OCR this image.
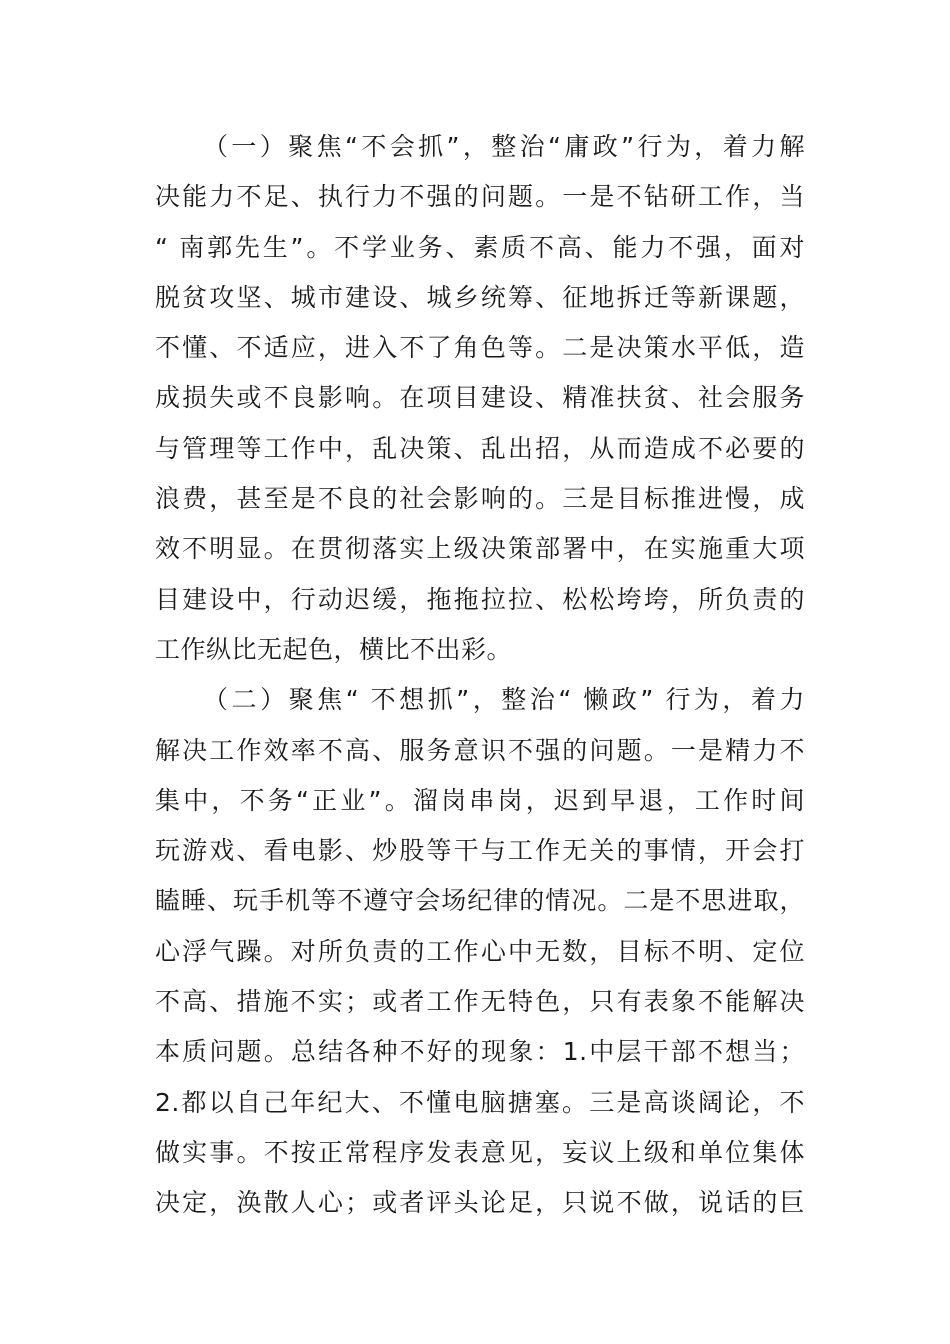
（一）聚焦“不会抓”，整治“庸政”行为，着力解
决能力不足、执行力不强的问题。一是不钻研工作，当
“ 南郭先生”。不学业务、素质不高、能力不强，面对
脱贫攻坚、城市建设、城乡统筹、征地拆迁等新课题，
不懂、不适应，进入不了角色等。二是决策水平低，造
成损失或不良影响。在项目建设、精准扶贫、社会服务
与管理等工作中，乱决策、乱出招，从而造成不必要的
浪费，甚至是不良的社会影响的。三是目标推进慢，成
效不明显。在贯彻落实上级决策部署中，在实施重大项
目建设中，行动迟缓，拖拖拉拉、松松垮垮，所负责的
工作纵比无起色，横比不出彩。
（二）聚焦“ 不想抓”，整治“ 懒政” 行为，着力
解决工作效率不高、服务意识不强的问题。一是精力不
集中，不务“正业”。溜岗串岗，迟到早退，工作时间
玩游戏、看电影、炒股等干与工作无关的事情，开会打
瞌睡、玩手机等不遵守会场纪律的情况。二是不思进取，
心浮气躁。对所负责的工作心中无数，目标不明、定位
不高、措施不实；或者工作无特色，只有表象不能解决
本质问题。总结各种不好的现象：1.中层干部不想当；
2.都以自己年纪大、不懂电脑搪塞。三是高谈阔论，不
做实事。不按正常程序发表意见，妄议上级和单位集体
决定，涣散人心；或者评头论足，只说不做，说话的巨
